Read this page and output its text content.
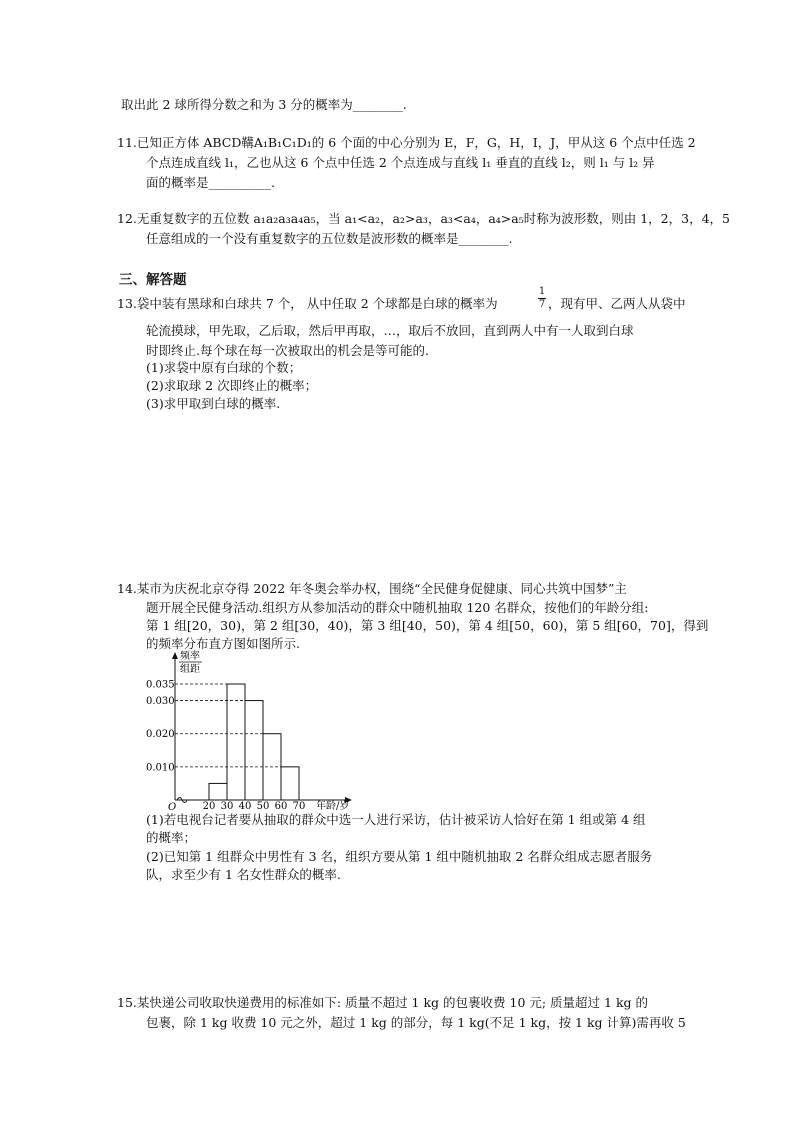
取出此 2 球所得分数之和为 3 分的概率为________.
11.已知正方体 ABCD鞲A₁B₁C₁D₁的 6 个面的中心分别为 E，F，G，H，I，J，甲从这 6 个点中任选 2
个点连成直线 l₁，乙也从这 6 个点中任选 2 个点连成与直线 l₁ 垂直的直线 l₂，则 l₁ 与 l₂ 异
面的概率是__________.
12.无重复数字的五位数 a₁a₂a₃a₄a₅，当 a₁<a₂，a₂>a₃，a₃<a₄，a₄>a₅时称为波形数，则由 1，2，3，4，5
任意组成的一个没有重复数字的五位数是波形数的概率是________.
三、解答题
13.袋中装有黑球和白球共 7 个， 从中任取 2 个球都是白球的概率为
1
7 ，现有甲、乙两人从袋中
轮流摸球，甲先取，乙后取，然后甲再取，…，取后不放回，直到两人中有一人取到白球
时即终止.每个球在每一次被取出的机会是等可能的.
(1)求袋中原有白球的个数；
(2)求取球 2 次即终止的概率；
(3)求甲取到白球的概率.
14.某市为庆祝北京夺得 2022 年冬奥会举办权，围绕“全民健身促健康、同心共筑中国梦”主
题开展全民健身活动.组织方从参加活动的群众中随机抽取 120 名群众，按他们的年龄分组:
第 1 组[20，30)，第 2 组[30，40)，第 3 组[40，50)，第 4 组[50，60)，第 5 组[60，70]，得到
的频率分布直方图如图所示.
频率
组距
O	年龄/岁
0.035
0.030
0.020
0.010
20 30 40 50 60 70
(1)若电视台记者要从抽取的群众中选一人进行采访，估计被采访人恰好在第 1 组或第 4 组
的概率；
(2)已知第 1 组群众中男性有 3 名，组织方要从第 1 组中随机抽取 2 名群众组成志愿者服务
队，求至少有 1 名女性群众的概率.
15.某快递公司收取快递费用的标准如下: 质量不超过 1 kg 的包裹收费 10 元; 质量超过 1 kg 的
包裹，除 1 kg 收费 10 元之外，超过 1 kg 的部分，每 1 kg(不足 1 kg，按 1 kg 计算)需再收 5
